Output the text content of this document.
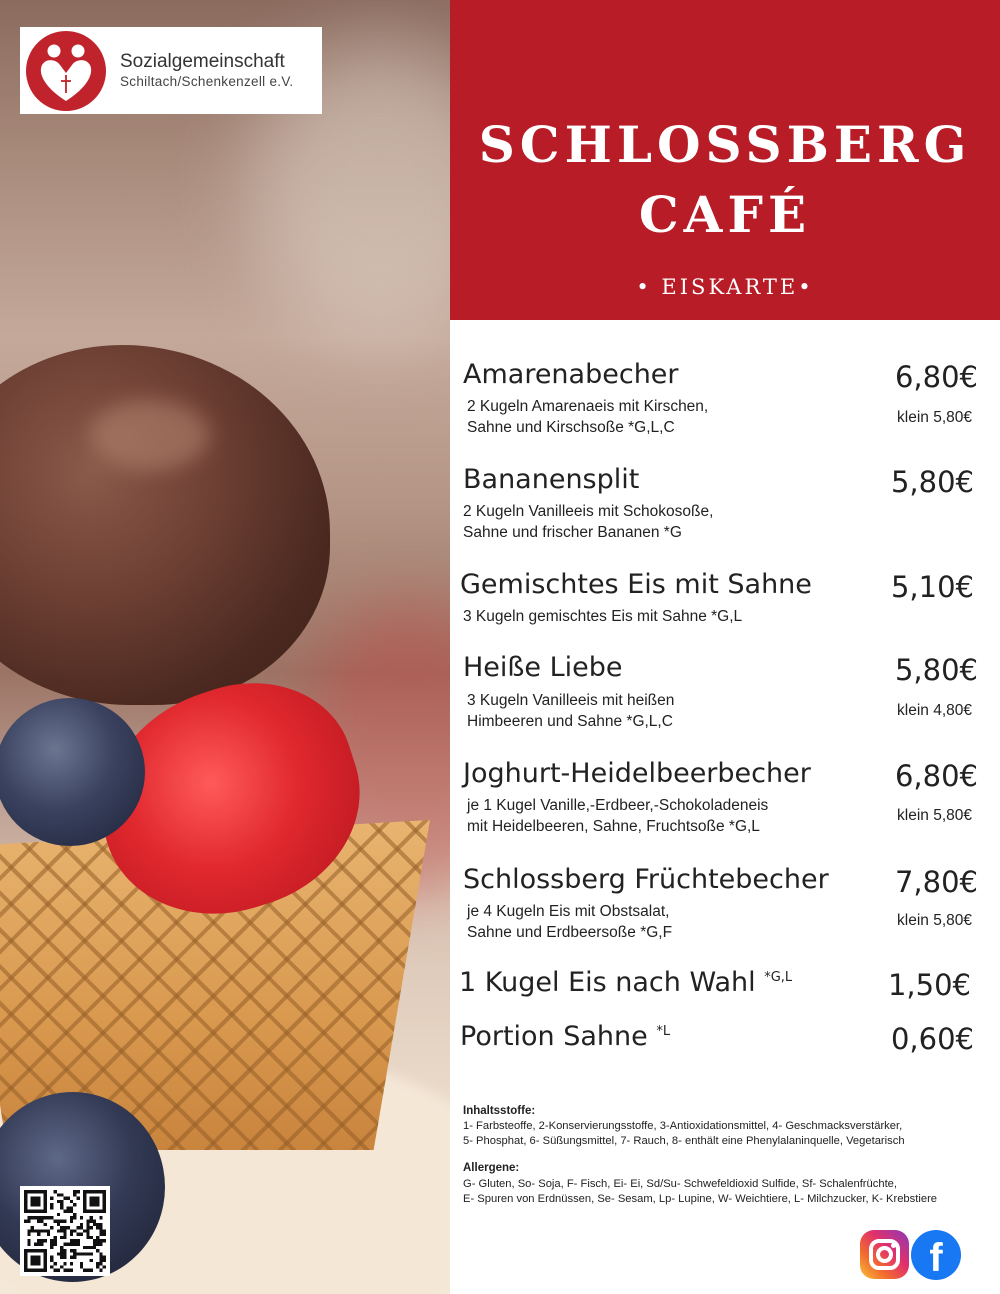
Sozialgemeinschaft
Schiltach/Schenkenzell e.V.
SCHLOSSBERG
CAFÉ
• EISKARTE•
Amarenabecher
2 Kugeln Amarenaeis mit Kirschen,
Sahne und Kirschsoße *G,L,C
6,80€
klein 5,80€
Bananensplit
2 Kugeln Vanilleeis mit Schokosoße,
Sahne und frischer Bananen *G
5,80€
Gemischtes Eis mit Sahne
3 Kugeln gemischtes Eis mit Sahne *G,L
5,10€
Heiße Liebe
3 Kugeln Vanilleeis mit heißen
Himbeeren und Sahne *G,L,C
5,80€
klein 4,80€
Joghurt-Heidelbeerbecher
je 1 Kugel Vanille,-Erdbeer,-Schokoladeneis
mit Heidelbeeren, Sahne, Fruchtsoße *G,L
6,80€
klein 5,80€
Schlossberg Früchtebecher
je 4 Kugeln Eis mit Obstsalat,
Sahne und Erdbeersoße *G,F
7,80€
klein 5,80€
1 Kugel Eis nach Wahl $^{*G,L}$	1,50€
Portion Sahne $^{*L}$	0,60€
Inhaltsstoffe:
1- Farbsteoffe, 2-Konservierungsstoffe, 3-Antioxidationsmittel, 4- Geschmacksverstärker,
5- Phosphat, 6- Süßungsmittel, 7- Rauch, 8- enthält eine Phenylalaninquelle, Vegetarisch
Allergene:
G- Gluten, So- Soja, F- Fisch, Ei- Ei, Sd/Su- Schwefeldioxid Sulfide, Sf- Schalenfrüchte,
E- Spuren von Erdnüssen, Se- Sesam, Lp- Lupine, W- Weichtiere, L- Milchzucker, K- Krebstiere
f
